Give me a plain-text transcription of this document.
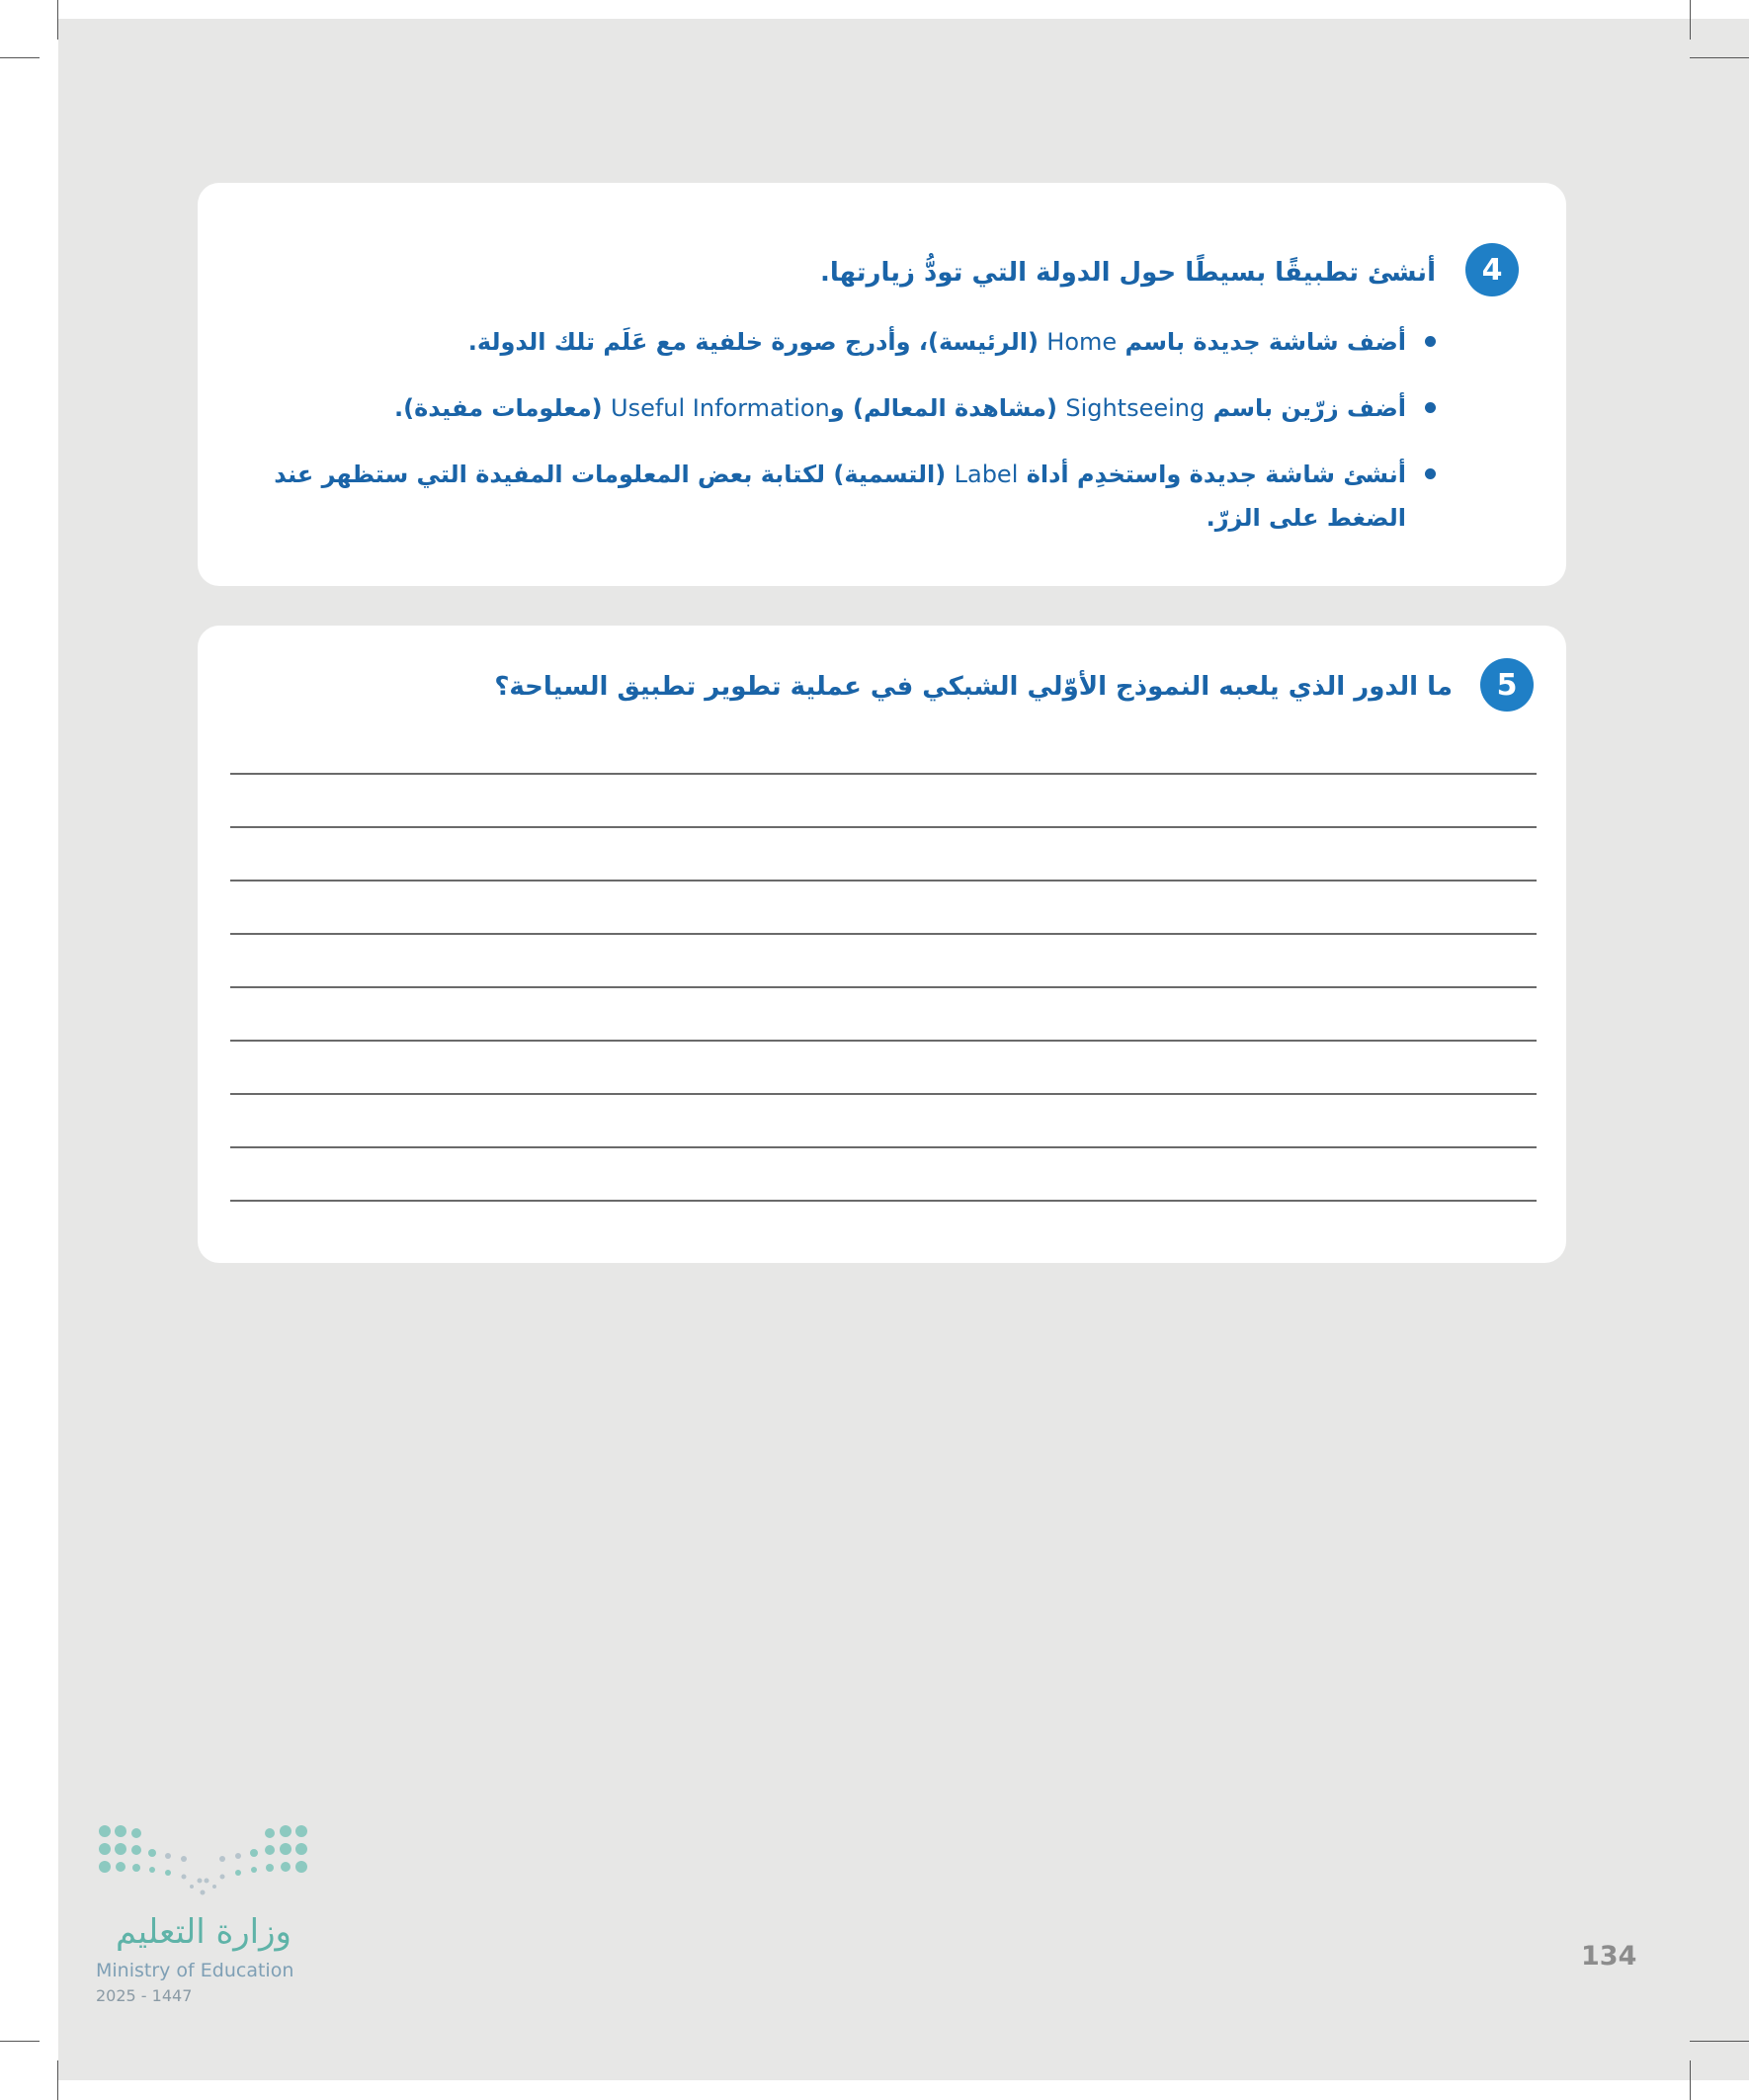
4
أنشئ تطبيقًا بسيطًا حول الدولة التي تودُّ زيارتها.
أضف شاشة جديدة باسم Home (الرئيسة)، وأدرج صورة خلفية مع عَلَم تلك الدولة.
أضف زرّين باسم Sightseeing (مشاهدة المعالم) وUseful Information (معلومات مفيدة).
أنشئ شاشة جديدة واستخدِم أداة Label (التسمية) لكتابة بعض المعلومات المفيدة التي ستظهر عند الضغط على الزرّ.
5
ما الدور الذي يلعبه النموذج الأوّلي الشبكي في عملية تطوير تطبيق السياحة؟
وزارة التعليم
Ministry of Education
2025 - 1447
134
